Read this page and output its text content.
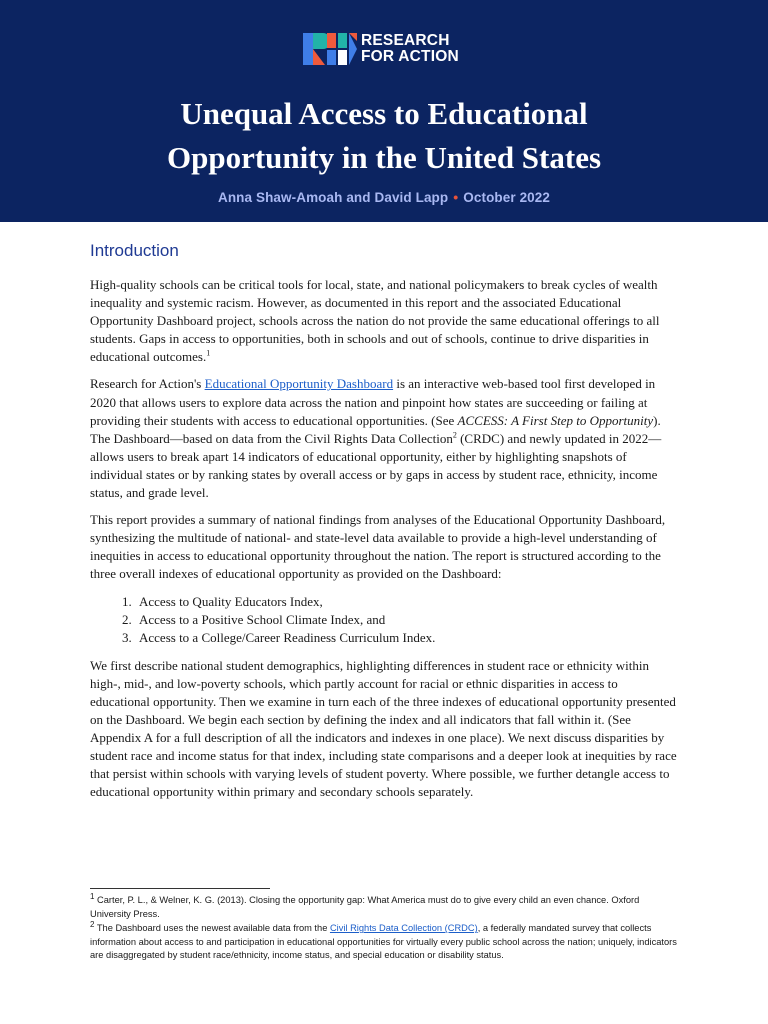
RESEARCH
FOR ACTION
Unequal Access to Educational
Opportunity in the United States
Anna Shaw-Amoah and David Lapp • October 2022
Introduction

High-quality schools can be critical tools for local, state, and national policymakers to break cycles of wealth inequality and systemic racism. However, as documented in this report and the associated Educational Opportunity Dashboard project, schools across the nation do not provide the same educational offerings to all students. Gaps in access to opportunities, both in schools and out of schools, continue to drive disparities in educational outcomes.$^1$

Research for Action's Educational Opportunity Dashboard is an interactive web-based tool first developed in 2020 that allows users to explore data across the nation and pinpoint how states are succeeding or failing at providing their students with access to educational opportunities. (See ACCESS: A First Step to Opportunity). The Dashboard—based on data from the Civil Rights Data Collection$^2$ (CRDC) and newly updated in 2022—allows users to break apart 14 indicators of educational opportunity, either by highlighting snapshots of individual states or by ranking states by overall access or by gaps in access by student race, ethnicity, income status, and grade level.

This report provides a summary of national findings from analyses of the Educational Opportunity Dashboard, synthesizing the multitude of national- and state-level data available to provide a high-level understanding of inequities in access to educational opportunity throughout the nation. The report is structured according to the three overall indexes of educational opportunity as provided on the Dashboard:

1. Access to Quality Educators Index,
2. Access to a Positive School Climate Index, and
3. Access to a College/Career Readiness Curriculum Index.

We first describe national student demographics, highlighting differences in student race or ethnicity within high-, mid-, and low-poverty schools, which partly account for racial or ethnic disparities in access to educational opportunity. Then we examine in turn each of the three indexes of educational opportunity presented on the Dashboard. We begin each section by defining the index and all indicators that fall within it. (See Appendix A for a full description of all the indicators and indexes in one place). We next discuss disparities by student race and income status for that index, including state comparisons and a deeper look at inequities by race that persist within schools with varying levels of student poverty. Where possible, we further detangle access to educational opportunity within primary and secondary schools separately.

$^1$ Carter, P. L., & Welner, K. G. (2013). Closing the opportunity gap: What America must do to give every child an even chance. Oxford University Press.

$^2$ The Dashboard uses the newest available data from the Civil Rights Data Collection (CRDC), a federally mandated survey that collects information about access to and participation in educational opportunities for virtually every public school across the nation; uniquely, indicators are disaggregated by student race/ethnicity, income status, and special education or disability status.
